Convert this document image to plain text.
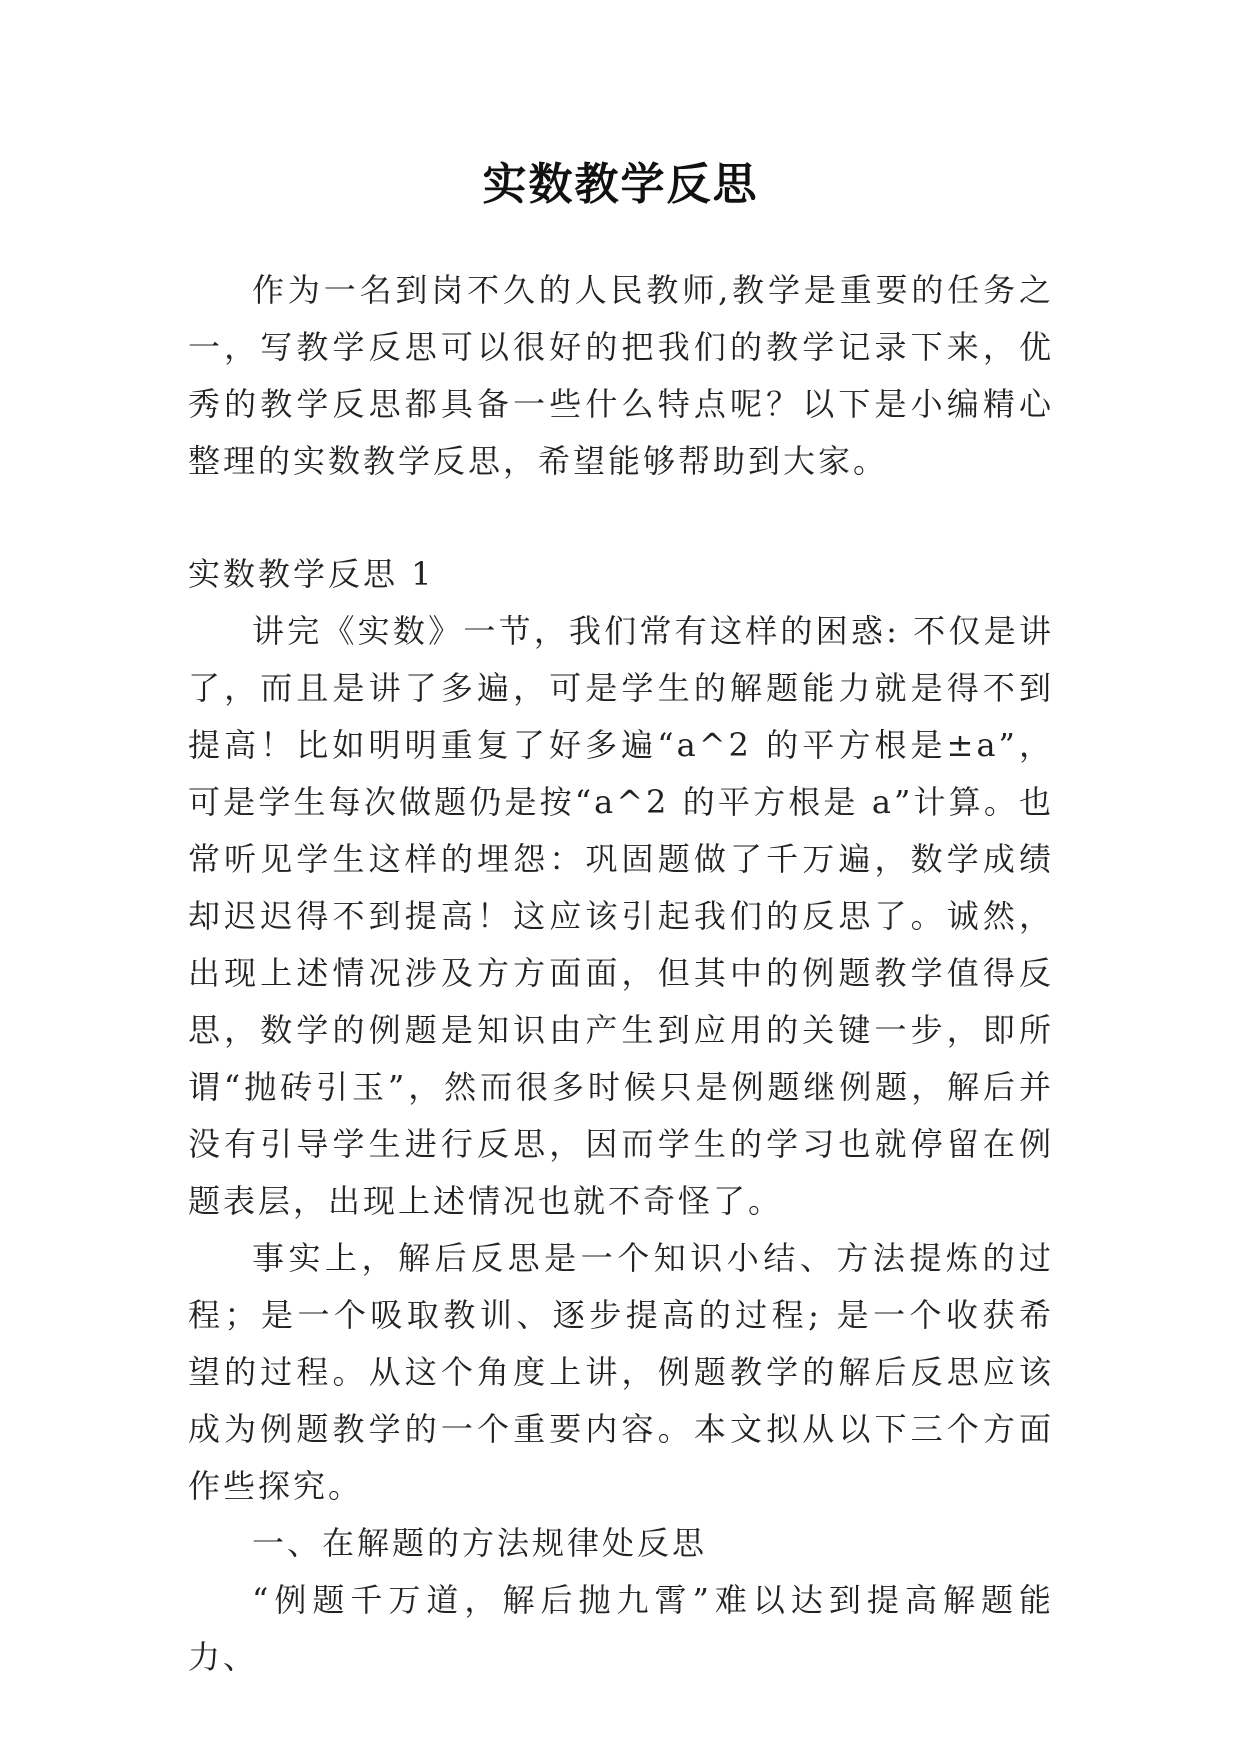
实数教学反思

作为一名到岗不久的人民教师,教学是重要的任务之一，写教学反思可以很好的把我们的教学记录下来，优秀的教学反思都具备一些什么特点呢？以下是小编精心整理的实数教学反思，希望能够帮助到大家。

实数教学反思 1

讲完《实数》一节，我们常有这样的困惑: 不仅是讲了，而且是讲了多遍，可是学生的解题能力就是得不到提高！比如明明重复了好多遍“a^2 的平方根是±a”，可是学生每次做题仍是按“a^2 的平方根是 a”计算。也常听见学生这样的埋怨：巩固题做了千万遍，数学成绩却迟迟得不到提高！这应该引起我们的反思了。诚然，出现上述情况涉及方方面面，但其中的例题教学值得反思，数学的例题是知识由产生到应用的关键一步，即所谓“抛砖引玉”，然而很多时候只是例题继例题，解后并没有引导学生进行反思，因而学生的学习也就停留在例题表层，出现上述情况也就不奇怪了。

事实上，解后反思是一个知识小结、方法提炼的过程；是一个吸取教训、逐步提高的过程; 是一个收获希望的过程。从这个角度上讲，例题教学的解后反思应该成为例题教学的一个重要内容。本文拟从以下三个方面作些探究。

一、在解题的方法规律处反思

“例题千万道，解后抛九霄”难以达到提高解题能力、
